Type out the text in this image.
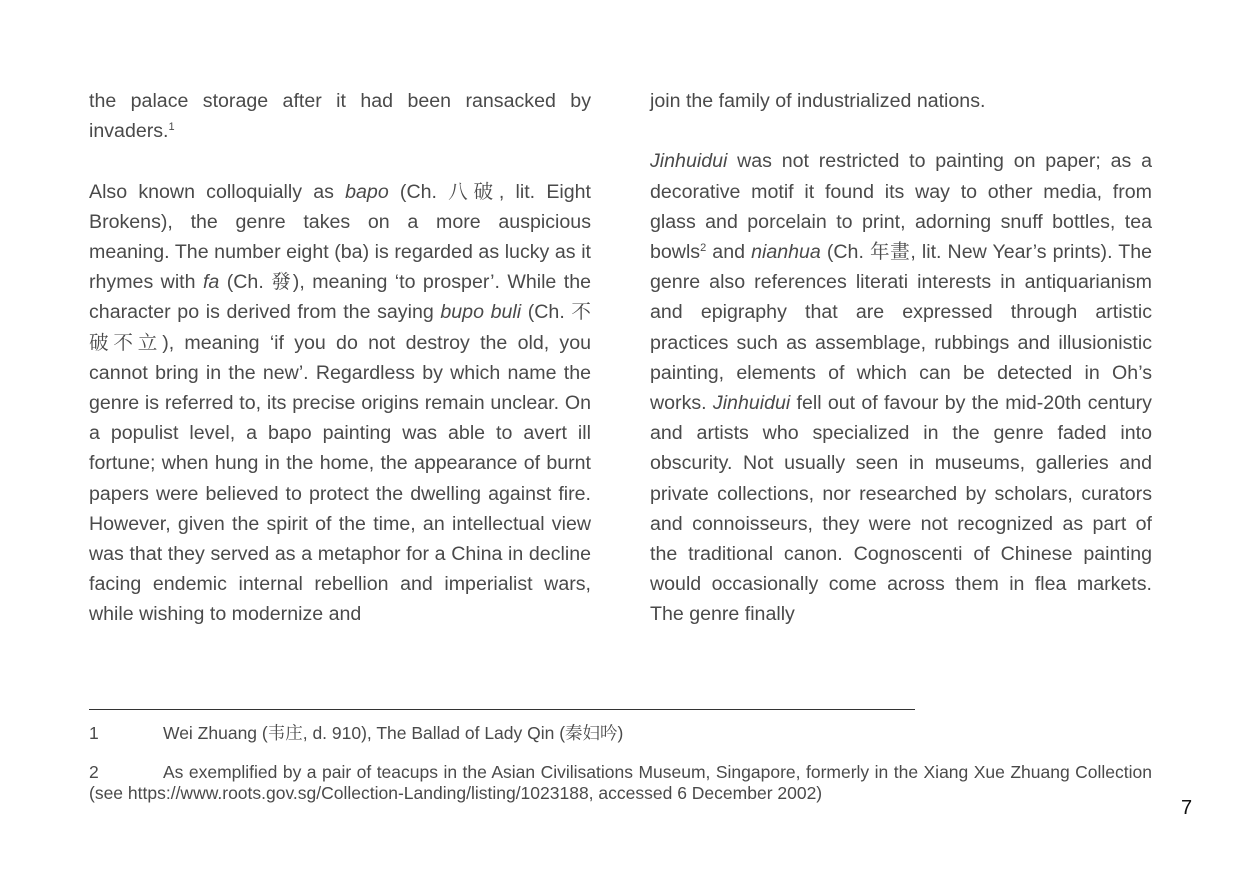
the palace storage after it had been ransacked by invaders.$^1$

Also known colloquially as bapo (Ch. 八破, lit. Eight Brokens), the genre takes on a more auspicious meaning. The number eight (ba) is regarded as lucky as it rhymes with fa (Ch. 發), meaning ‘to prosper’. While the character po is derived from the saying bupo buli (Ch. 不破不立), meaning ‘if you do not destroy the old, you cannot bring in the new’. Regardless by which name the genre is referred to, its precise origins remain unclear. On a populist level, a bapo painting was able to avert ill fortune; when hung in the home, the appearance of burnt papers were believed to protect the dwelling against fire. However, given the spirit of the time, an intellectual view was that they served as a metaphor for a China in decline facing endemic internal rebellion and imperialist wars, while wishing to modernize and

join the family of industrialized nations.

Jinhuidui was not restricted to painting on paper; as a decorative motif it found its way to other media, from glass and porcelain to print, adorning snuff bottles, tea bowls$^2$ and nianhua (Ch. 年畫, lit. New Year’s prints). The genre also references literati interests in antiquarianism and epigraphy that are expressed through artistic practices such as assemblage, rubbings and illusionistic painting, elements of which can be detected in Oh’s works. Jinhuidui fell out of favour by the mid-20th century and artists who specialized in the genre faded into obscurity. Not usually seen in museums, galleries and private collections, nor researched by scholars, curators and connoisseurs, they were not recognized as part of the traditional canon. Cognoscenti of Chinese painting would occasionally come across them in flea markets. The genre finally

1	Wei Zhuang (韦庄, d. 910), The Ballad of Lady Qin (秦妇吟)
2	As exemplified by a pair of teacups in the Asian Civilisations Museum, Singapore, formerly in the Xiang Xue Zhuang Collection (see https://www.roots.gov.sg/Collection-Landing/listing/1023188, accessed 6 December 2002)
7
